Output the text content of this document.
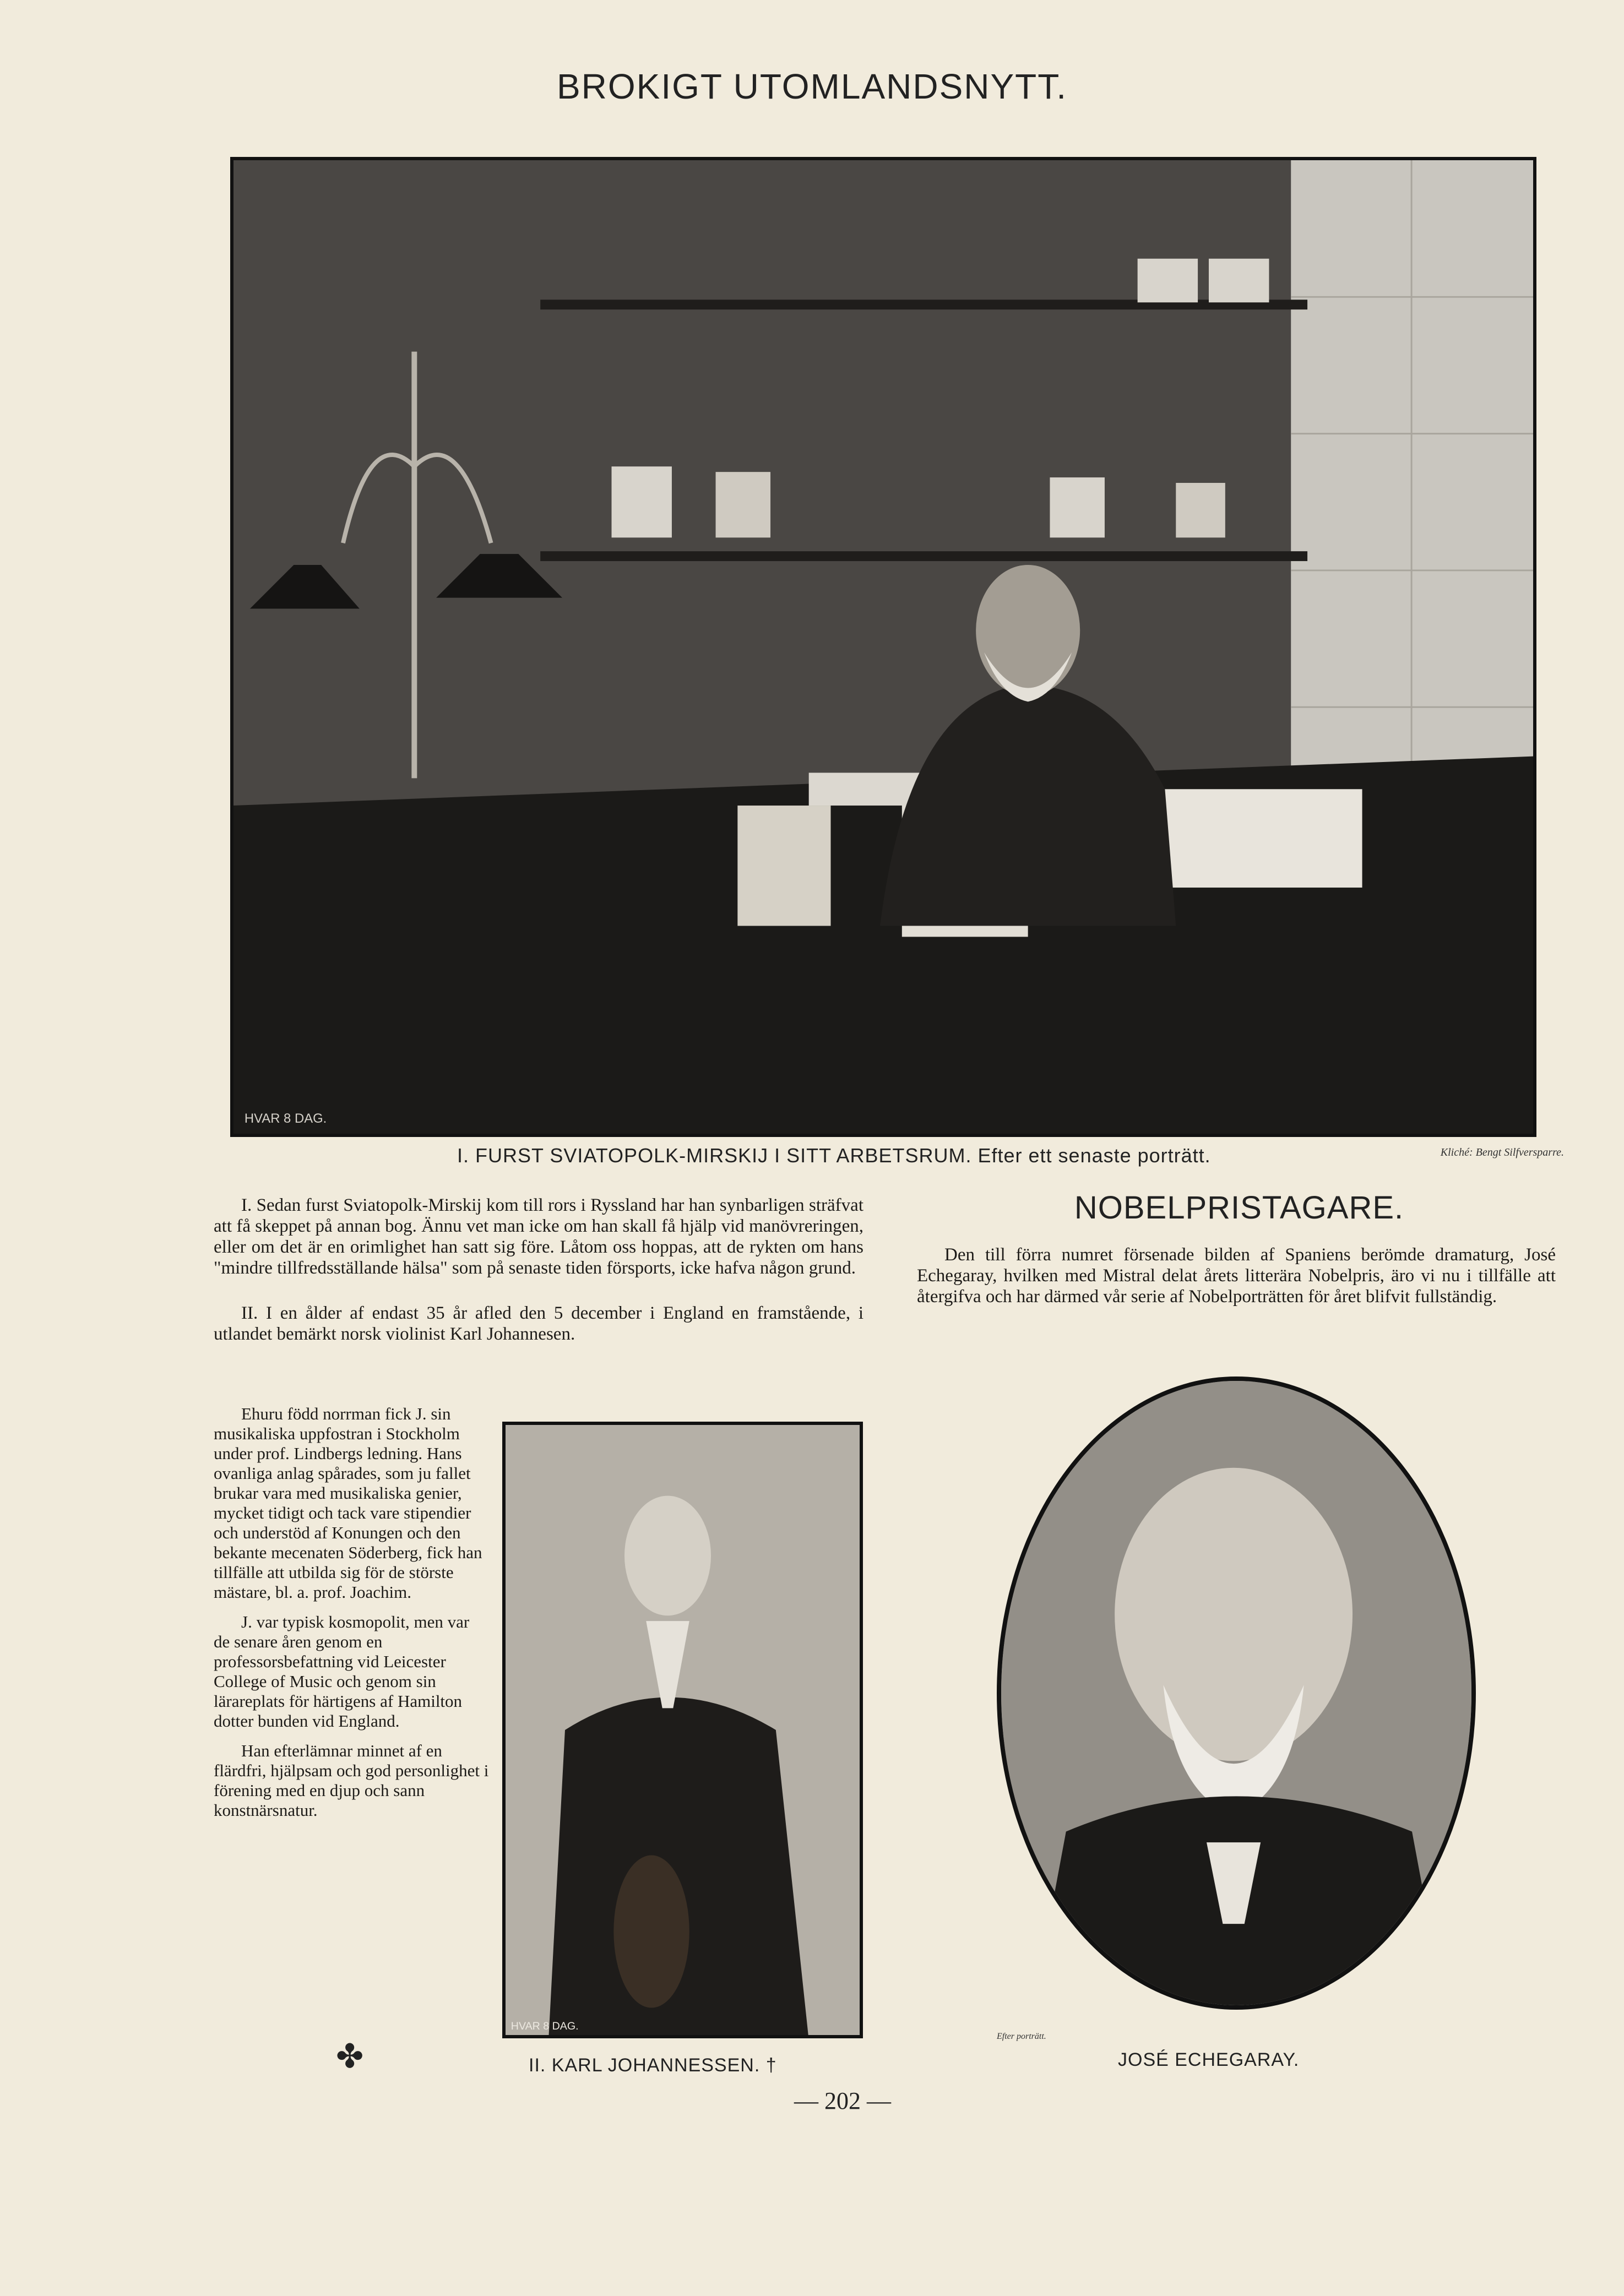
BROKIGT UTOMLANDSNYTT.
HVAR 8 DAG.
I. FURST SVIATOPOLK-MIRSKIJ I SITT ARBETSRUM. Efter ett senaste porträtt.	Kliché: Bengt Silfversparre.

I. Sedan furst Sviatopolk-Mirskij kom till rors i Ryssland har han synbarligen sträfvat att få skeppet på annan bog. Ännu vet man icke om han skall få hjälp vid manövreringen, eller om det är en orimlighet han satt sig före. Låtom oss hoppas, att de rykten om hans "mindre tillfredsställande hälsa" som på senaste tiden försports, icke hafva någon grund.

II. I en ålder af endast 35 år afled den 5 december i England en framstående, i utlandet bemärkt norsk violinist Karl Johannesen.

Ehuru född norrman fick J. sin musikaliska uppfostran i Stockholm under prof. Lindbergs ledning. Hans ovanliga anlag spårades, som ju fallet brukar vara med musikaliska genier, mycket tidigt och tack vare stipendier och understöd af Konungen och den bekante mecenaten Söderberg, fick han tillfälle att utbilda sig för de störste mästare, bl. a. prof. Joachim.

J. var typisk kosmopolit, men var de senare åren genom en professorsbefattning vid Leicester College of Music och genom sin lärareplats för härtigens af Hamilton dotter bunden vid England.

Han efterlämnar minnet af en flärdfri, hjälpsam och god personlighet i förening med en djup och sann konstnärsnatur.

HVAR 8 DAG.
II. KARL JOHANNESSEN. †
NOBELPRISTAGARE.
Den till förra numret försenade bilden af Spaniens berömde dramaturg, José Echegaray, hvilken med Mistral delat årets litterära Nobelpris, äro vi nu i tillfälle att återgifva och har därmed vår serie af Nobelporträtten för året blifvit fullständig.
Efter porträtt.
JOSÉ ECHEGARAY.
✤
— 202 —
